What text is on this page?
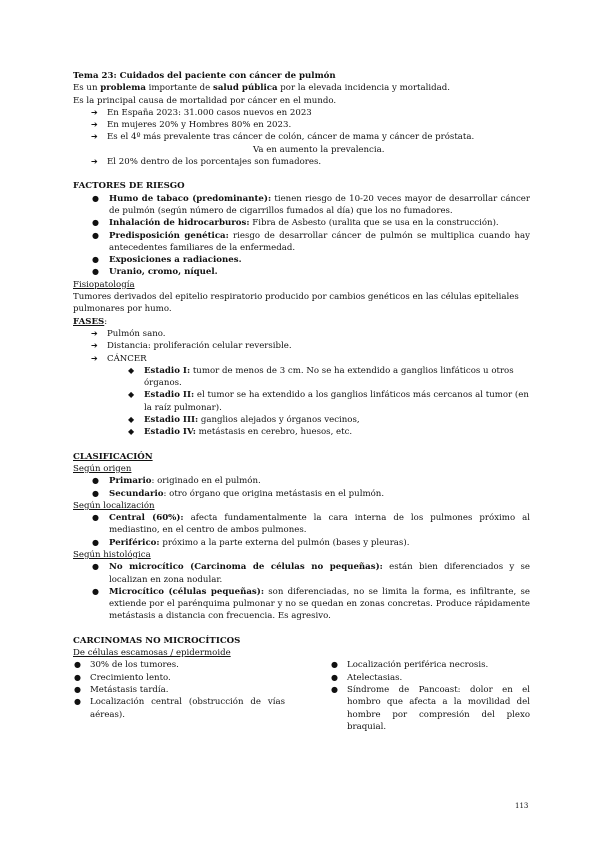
Tema 23: Cuidados del paciente con cáncer de pulmón

Es un problema importante de salud pública por la elevada incidencia y mortalidad.

Es la principal causa de mortalidad por cáncer en el mundo.

➔ En España 2023: 31.000 casos nuevos en 2023
➔ En mujeres 20% y Hombres 80% en 2023.
➔ Es el 4º más prevalente tras cáncer de colón, cáncer de mama y cáncer de próstata.

Va en aumento la prevalencia.

➔ El 20% dentro de los porcentajes son fumadores.

FACTORES DE RIESGO

● Humo de tabaco (predominante): tienen riesgo de 10-20 veces mayor de desarrollar cáncer de pulmón (según número de cigarrillos fumados al día) que los no fumadores.
● Inhalación de hidrocarburos: Fibra de Asbesto (uralita que se usa en la construcción).
● Predisposición genética: riesgo de desarrollar cáncer de pulmón se multiplica cuando hay antecedentes familiares de la enfermedad.
● Exposiciones a radiaciones.
● Uranio, cromo, níquel.

Fisiopatología

Tumores derivados del epitelio respiratorio producido por cambios genéticos en las células epiteliales pulmonares por humo.

FASES:

➔ Pulmón sano.
➔ Distancia: proliferación celular reversible.
➔ CÁNCER
◆ Estadio I: tumor de menos de 3 cm. No se ha extendido a ganglios linfáticos u otros órganos.
◆ Estadio II: el tumor se ha extendido a los ganglios linfáticos más cercanos al tumor (en la raíz pulmonar).
◆ Estadio III: ganglios alejados y órganos vecinos,
◆ Estadio IV: metástasis en cerebro, huesos, etc.

CLASIFICACIÓN

Según origen

● Primario: originado en el pulmón.
● Secundario: otro órgano que origina metástasis en el pulmón.

Según localización

● Central (60%): afecta fundamentalmente la cara interna de los pulmones próximo al mediastino, en el centro de ambos pulmones.
● Periférico: próximo a la parte externa del pulmón (bases y pleuras).

Según histológica

● No microcítico (Carcinoma de células no pequeñas): están bien diferenciados y se localizan en zona nodular.
● Microcítico (células pequeñas): son diferenciadas, no se limita la forma, es infiltrante, se extiende por el parénquima pulmonar y no se quedan en zonas concretas. Produce rápidamente metástasis a distancia con frecuencia. Es agresivo.

CARCINOMAS NO MICROCÍTICOS

De células escamosas / epidermoide

● 30% de los tumores.
● Crecimiento lento.
● Metástasis tardía.
● Localización central (obstrucción de vías aéreas).
● Localización periférica necrosis.
● Atelectasias.
● Síndrome de Pancoast: dolor en el hombro que afecta a la movilidad del hombre por compresión del plexo braquial.
113
